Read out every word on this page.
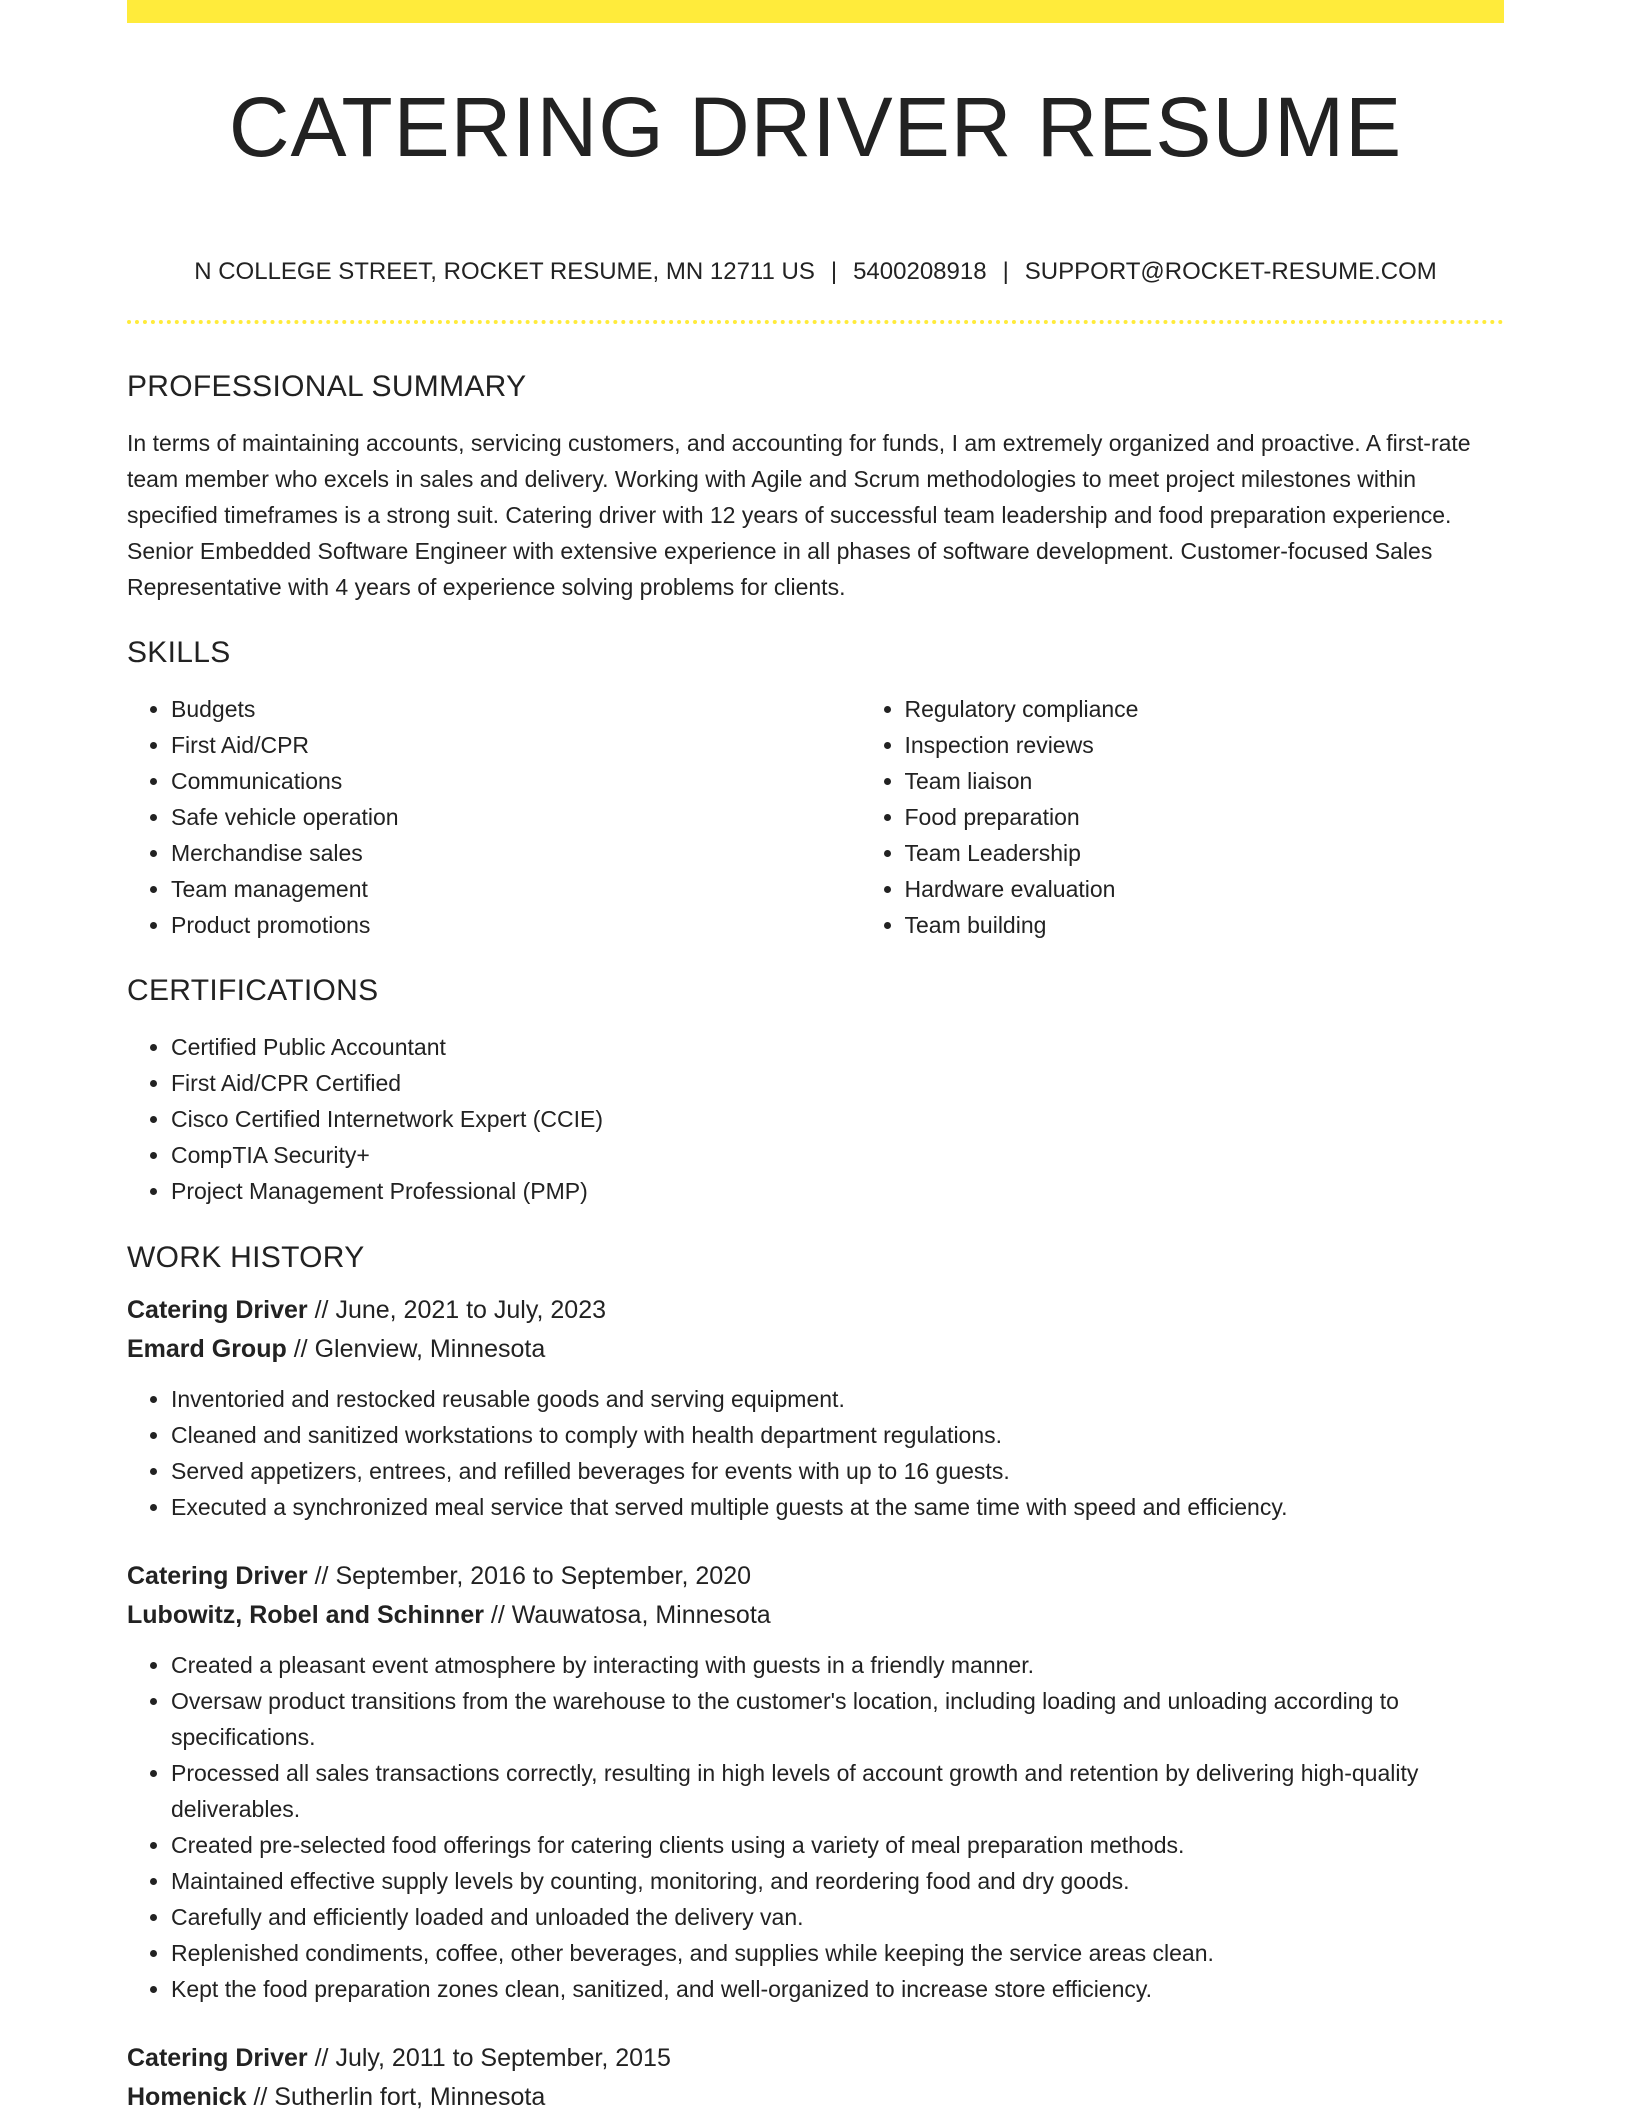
CATERING DRIVER RESUME
N COLLEGE STREET, ROCKET RESUME, MN 12711 US | 5400208918 | SUPPORT@ROCKET-RESUME.COM
PROFESSIONAL SUMMARY

In terms of maintaining accounts, servicing customers, and accounting for funds, I am extremely organized and proactive. A first-rate team member who excels in sales and delivery. Working with Agile and Scrum methodologies to meet project milestones within specified timeframes is a strong suit. Catering driver with 12 years of successful team leadership and food preparation experience. Senior Embedded Software Engineer with extensive experience in all phases of software development. Customer-focused Sales Representative with 4 years of experience solving problems for clients.

SKILLS
• Budgets
• First Aid/CPR
• Communications
• Safe vehicle operation
• Merchandise sales
• Team management
• Product promotions
• Regulatory compliance
• Inspection reviews
• Team liaison
• Food preparation
• Team Leadership
• Hardware evaluation
• Team building
CERTIFICATIONS
• Certified Public Accountant
• First Aid/CPR Certified
• Cisco Certified Internetwork Expert (CCIE)
• CompTIA Security+
• Project Management Professional (PMP)
WORK HISTORY
Catering Driver // June, 2021 to July, 2023
Emard Group // Glenview, Minnesota
• Inventoried and restocked reusable goods and serving equipment.
• Cleaned and sanitized workstations to comply with health department regulations.
• Served appetizers, entrees, and refilled beverages for events with up to 16 guests.
• Executed a synchronized meal service that served multiple guests at the same time with speed and efficiency.
Catering Driver // September, 2016 to September, 2020
Lubowitz, Robel and Schinner // Wauwatosa, Minnesota
• Created a pleasant event atmosphere by interacting with guests in a friendly manner.
• Oversaw product transitions from the warehouse to the customer's location, including loading and unloading according to specifications.
• Processed all sales transactions correctly, resulting in high levels of account growth and retention by delivering high-quality deliverables.
• Created pre-selected food offerings for catering clients using a variety of meal preparation methods.
• Maintained effective supply levels by counting, monitoring, and reordering food and dry goods.
• Carefully and efficiently loaded and unloaded the delivery van.
• Replenished condiments, coffee, other beverages, and supplies while keeping the service areas clean.
• Kept the food preparation zones clean, sanitized, and well-organized to increase store efficiency.
Catering Driver // July, 2011 to September, 2015
Homenick // Sutherlin fort, Minnesota
